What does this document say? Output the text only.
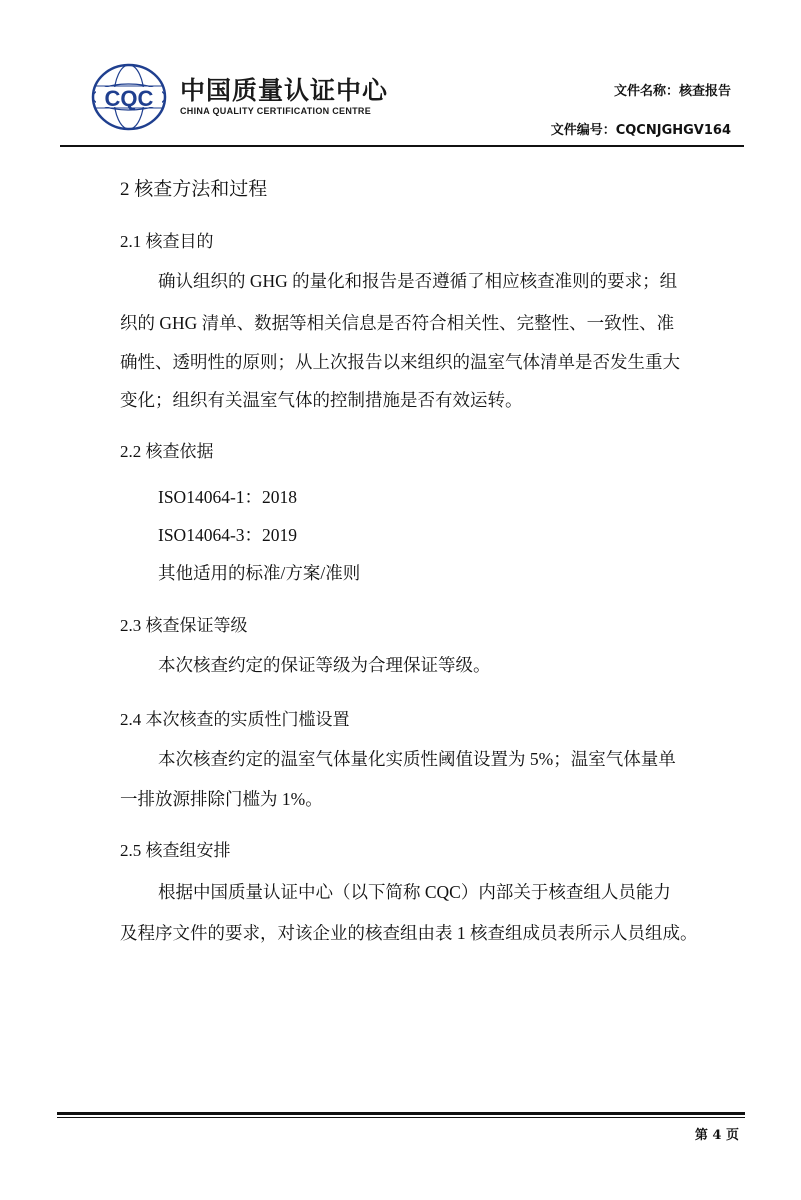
CQC 中国质量认证中心
CHINA QUALITY CERTIFICATION CENTRE
文件名称：核查报告
文件编号：CQCNJGHGV164
2 核查方法和过程
2.1 核查目的
确认组织的 GHG 的量化和报告是否遵循了相应核查准则的要求；组
织的 GHG 清单、数据等相关信息是否符合相关性、完整性、一致性、准
确性、透明性的原则；从上次报告以来组织的温室气体清单是否发生重大
变化；组织有关温室气体的控制措施是否有效运转。
2.2 核查依据
ISO14064-1：2018
ISO14064-3：2019
其他适用的标准/方案/准则
2.3 核查保证等级
本次核查约定的保证等级为合理保证等级。
2.4 本次核查的实质性门槛设置
本次核查约定的温室气体量化实质性阈值设置为 5%；温室气体量单
一排放源排除门槛为 1%。
2.5 核查组安排
根据中国质量认证中心（以下简称 CQC）内部关于核查组人员能力
及程序文件的要求，对该企业的核查组由表 1 核查组成员表所示人员组成。
第 4 页
